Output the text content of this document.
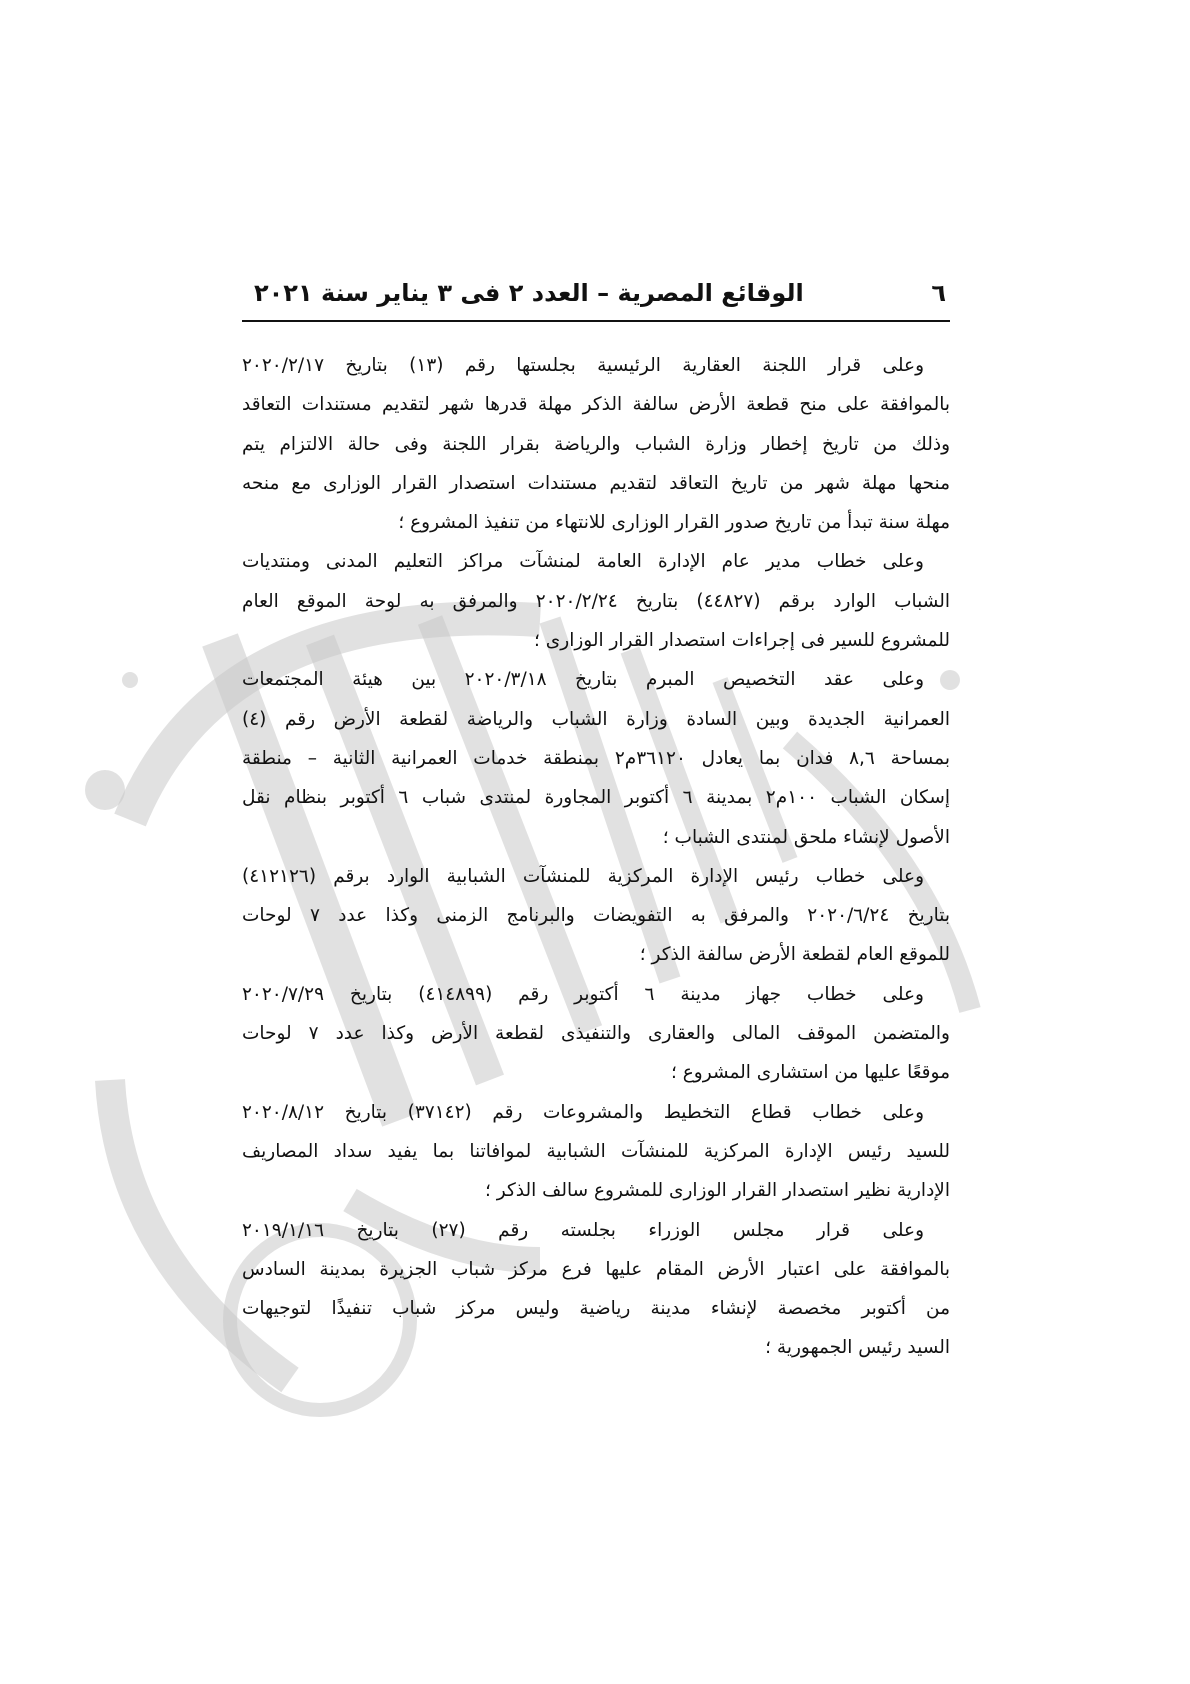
٦
الوقائع المصرية – العدد ٢ فى ٣ يناير سنة ٢٠٢١
وعلى قرار اللجنة العقارية الرئيسية بجلستها رقم (١٣) بتاريخ ٢٠٢٠/٢/١٧
بالموافقة على منح قطعة الأرض سالفة الذكر مهلة قدرها شهر لتقديم مستندات التعاقد
وذلك من تاريخ إخطار وزارة الشباب والرياضة بقرار اللجنة وفى حالة الالتزام يتم
منحها مهلة شهر من تاريخ التعاقد لتقديم مستندات استصدار القرار الوزارى مع منحه
مهلة سنة تبدأ من تاريخ صدور القرار الوزارى للانتهاء من تنفيذ المشروع ؛
وعلى خطاب مدير عام الإدارة العامة لمنشآت مراكز التعليم المدنى ومنتديات
الشباب الوارد برقم (٤٤٨٢٧) بتاريخ ٢٠٢٠/٢/٢٤ والمرفق به لوحة الموقع العام
للمشروع للسير فى إجراءات استصدار القرار الوزارى ؛
وعلى عقد التخصيص المبرم بتاريخ ٢٠٢٠/٣/١٨ بين هيئة المجتمعات
العمرانية الجديدة وبين السادة وزارة الشباب والرياضة لقطعة الأرض رقم (٤)
بمساحة ٨,٦ فدان بما يعادل ٣٦١٢٠م٢ بمنطقة خدمات العمرانية الثانية – منطقة
إسكان الشباب ١٠٠م٢ بمدينة ٦ أكتوبر المجاورة لمنتدى شباب ٦ أكتوبر بنظام نقل
الأصول لإنشاء ملحق لمنتدى الشباب ؛
وعلى خطاب رئيس الإدارة المركزية للمنشآت الشبابية الوارد برقم (٤١٢١٢٦)
بتاريخ ٢٠٢٠/٦/٢٤ والمرفق به التفويضات والبرنامج الزمنى وكذا عدد ٧ لوحات
للموقع العام لقطعة الأرض سالفة الذكر ؛
وعلى خطاب جهاز مدينة ٦ أكتوبر رقم (٤١٤٨٩٩) بتاريخ ٢٠٢٠/٧/٢٩
والمتضمن الموقف المالى والعقارى والتنفيذى لقطعة الأرض وكذا عدد ٧ لوحات
موقعًا عليها من استشارى المشروع ؛
وعلى خطاب قطاع التخطيط والمشروعات رقم (٣٧١٤٢) بتاريخ ٢٠٢٠/٨/١٢
للسيد رئيس الإدارة المركزية للمنشآت الشبابية لموافاتنا بما يفيد سداد المصاريف
الإدارية نظير استصدار القرار الوزارى للمشروع سالف الذكر ؛
وعلى قرار مجلس الوزراء بجلسته رقم (٢٧) بتاريخ ٢٠١٩/١/١٦
بالموافقة على اعتبار الأرض المقام عليها فرع مركز شباب الجزيرة بمدينة السادس
من أكتوبر مخصصة لإنشاء مدينة رياضية وليس مركز شباب تنفيذًا لتوجيهات
السيد رئيس الجمهورية ؛
